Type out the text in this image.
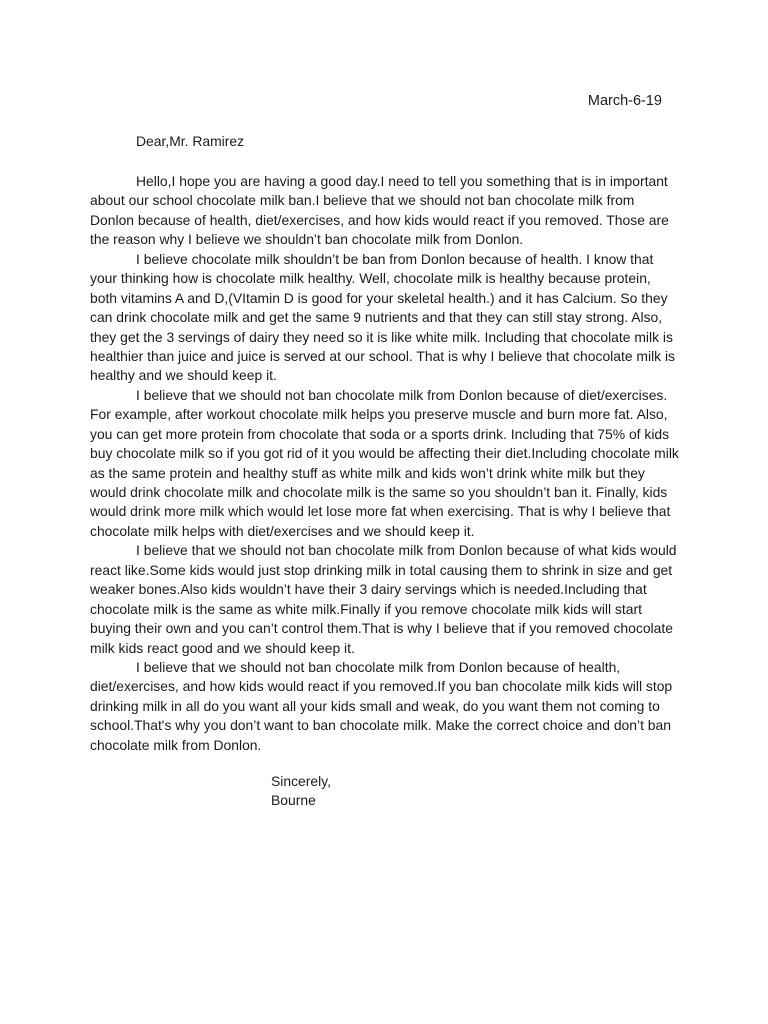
March-6-19
Dear,Mr. Ramirez
Hello,I hope you are having a good day.I need to tell you something that is in important
about our school chocolate milk ban.I believe that we should not ban chocolate milk from
Donlon because of health, diet/exercises, and how kids would react if you removed. Those are
the reason why I believe we shouldn’t ban chocolate milk from Donlon.
I believe chocolate milk shouldn’t be ban from Donlon because of health. I know that
your thinking how is chocolate milk healthy. Well, chocolate milk is healthy because protein,
both vitamins A and D,(VItamin D is good for your skeletal health.) and it has Calcium. So they
can drink chocolate milk and get the same 9 nutrients and that they can still stay strong. Also,
they get the 3 servings of dairy they need so it is like white milk. Including that chocolate milk is
healthier than juice and juice is served at our school. That is why I believe that chocolate milk is
healthy and we should keep it.
I believe that we should not ban chocolate milk from Donlon because of diet/exercises.
For example, after workout chocolate milk helps you preserve muscle and burn more fat. Also,
you can get more protein from chocolate that soda or a sports drink. Including that 75% of kids
buy chocolate milk so if you got rid of it you would be affecting their diet.Including chocolate milk
as the same protein and healthy stuff as white milk and kids won’t drink white milk but they
would drink chocolate milk and chocolate milk is the same so you shouldn’t ban it. Finally, kids
would drink more milk which would let lose more fat when exercising. That is why I believe that
chocolate milk helps with diet/exercises and we should keep it.
I believe that we should not ban chocolate milk from Donlon because of what kids would
react like.Some kids would just stop drinking milk in total causing them to shrink in size and get
weaker bones.Also kids wouldn’t have their 3 dairy servings which is needed.Including that
chocolate milk is the same as white milk.Finally if you remove chocolate milk kids will start
buying their own and you can’t control them.That is why I believe that if you removed chocolate
milk kids react good and we should keep it.
I believe that we should not ban chocolate milk from Donlon because of health,
diet/exercises, and how kids would react if you removed.If you ban chocolate milk kids will stop
drinking milk in all do you want all your kids small and weak, do you want them not coming to
school.That's why you don’t want to ban chocolate milk. Make the correct choice and don’t ban
chocolate milk from Donlon.
Sincerely,
Bourne
